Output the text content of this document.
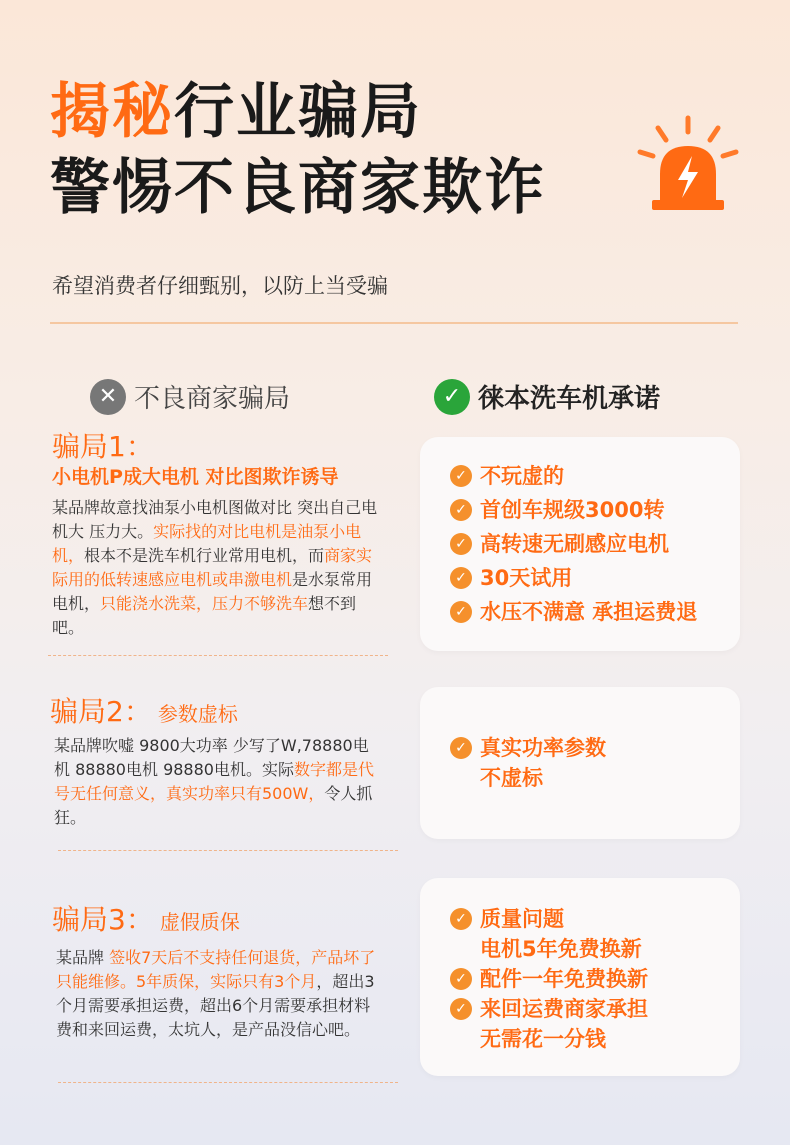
揭秘行业骗局
警惕不良商家欺诈
希望消费者仔细甄别，以防上当受骗
✕ 不良商家骗局	✓ 徕本洗车机承诺
骗局1：
小电机P成大电机 对比图欺诈诱导
某品牌故意找油泵小电机图做对比 突出自己电机大 压力大。实际找的对比电机是油泵小电机，根本不是洗车机行业常用电机，而商家实际用的低转速感应电机或串激电机是水泵常用电机，只能浇水洗菜，压力不够洗车想不到吧。
骗局2： 参数虚标
某品牌吹嘘 9800大功率 少写了W,78880电机 88880电机 98880电机。实际数字都是代号无任何意义，真实功率只有500W，令人抓狂。
骗局3： 虚假质保
某品牌 签收7天后不支持任何退货，产品坏了只能维修。5年质保，实际只有3个月，超出3个月需要承担运费，超出6个月需要承担材料费和来回运费，太坑人，是产品没信心吧。
✓ 不玩虚的
✓ 首创车规级3000转
✓ 高转速无刷感应电机
✓ 30天试用
✓ 水压不满意 承担运费退
✓ 真实功率参数
不虚标
✓ 质量问题
电机5年免费换新
✓ 配件一年免费换新
✓ 来回运费商家承担
无需花一分钱
